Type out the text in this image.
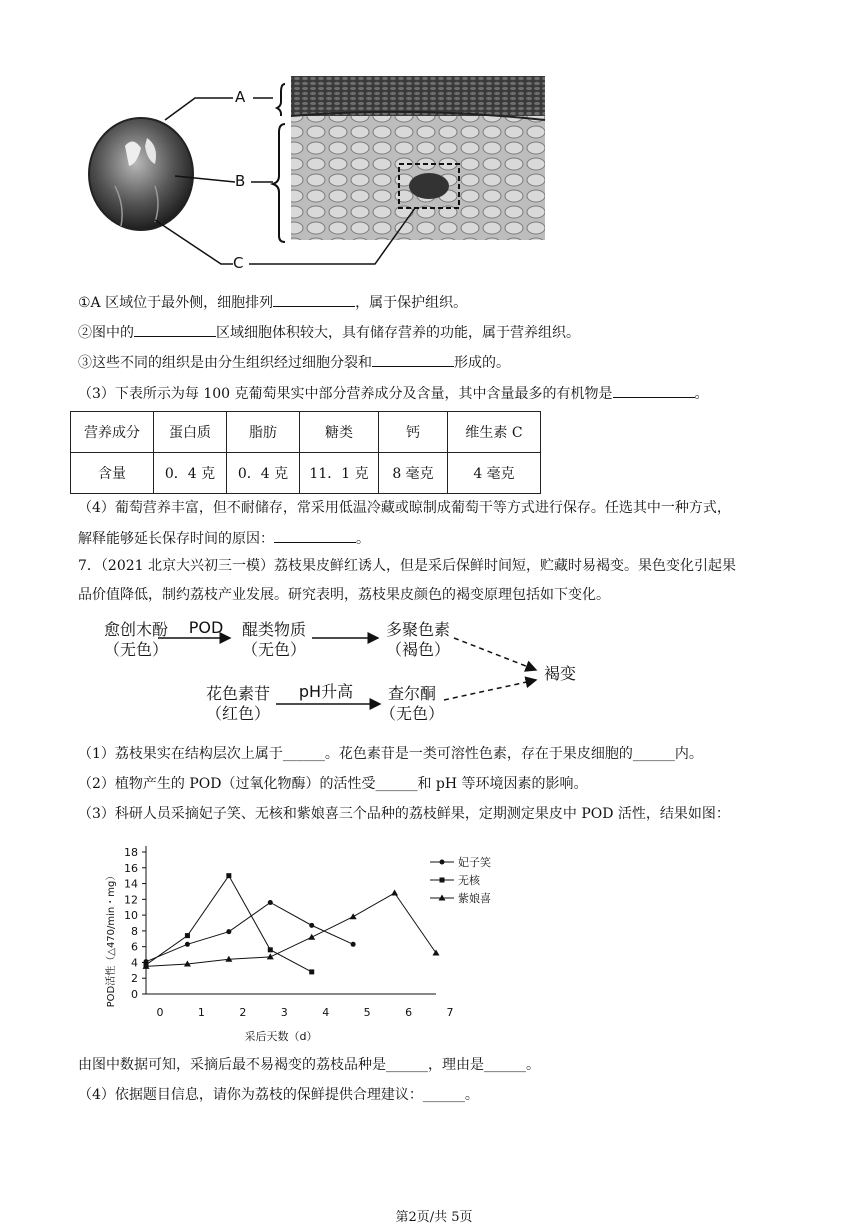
A
B
C
①A 区域位于最外侧，细胞排列	，属于保护组织。
②图中的	区域细胞体积较大，具有储存营养的功能，属于营养组织。
③这些不同的组织是由分生组织经过细胞分裂和	形成的。
（3）下表所示为每 100 克葡萄果实中部分营养成分及含量，其中含量最多的有机物是	。
营养成分	蛋白质	脂肪	糖类	钙	维生素 C
含量	0．4 克	0．4 克	11．1 克	8 毫克	4 毫克
（4）葡萄营养丰富，但不耐储存，常采用低温冷藏或晾制成葡萄干等方式进行保存。任选其中一种方式，
解释能够延长保存时间的原因：	。
7．（2021 北京大兴初三一模）荔枝果皮鲜红诱人，但是采后保鲜时间短，贮藏时易褐变。果色变化引起果
品价值降低，制约荔枝产业发展。研究表明，荔枝果皮颜色的褐变原理包括如下变化。
愈创木酚
（无色）
POD	醌类物质
（无色）
多聚色素
（褐色）
花色素苷
（红色）
pH升高	查尔酮
（无色）
褐变
（1）荔枝果实在结构层次上属于______。花色素苷是一类可溶性色素，存在于果皮细胞的______内。
（2）植物产生的 POD（过氧化物酶）的活性受______和 pH 等环境因素的影响。
（3）科研人员采摘妃子笑、无核和紫娘喜三个品种的荔枝鲜果，定期测定果皮中 POD 活性，结果如图：
0
2
4
6
8
10
12
14
16
18
0	1	2	3	4	5	6	7
采后天数（d）
POD活性（△470/min・mg）
妃子笑
无核
紫娘喜
由图中数据可知，采摘后最不易褐变的荔枝品种是______，理由是______。
（4）依据题目信息，请你为荔枝的保鲜提供合理建议：______。
第2页/共 5页
